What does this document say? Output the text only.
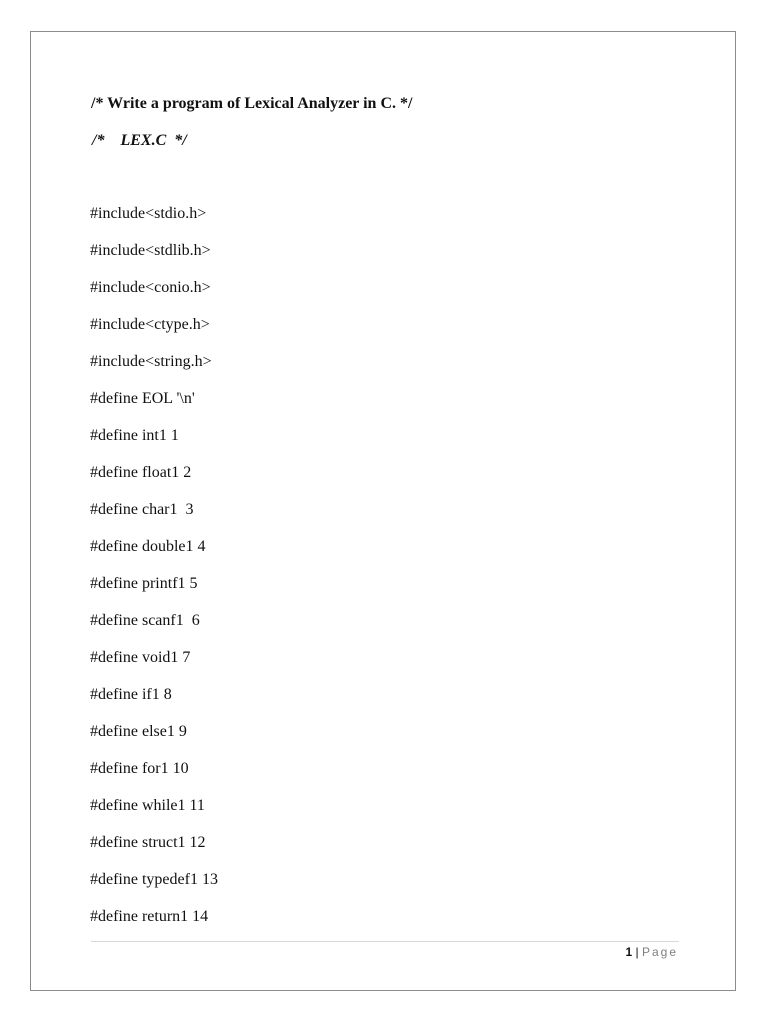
/* Write a program of Lexical Analyzer in C. */
/*    LEX.C  */
#include<stdio.h>
#include<stdlib.h>
#include<conio.h>
#include<ctype.h>
#include<string.h>
#define EOL '\n'
#define int1 1
#define float1 2
#define char1  3
#define double1 4
#define printf1 5
#define scanf1  6
#define void1 7
#define if1 8
#define else1 9
#define for1 10
#define while1 11
#define struct1 12
#define typedef1 13
#define return1 14
1 | Page
